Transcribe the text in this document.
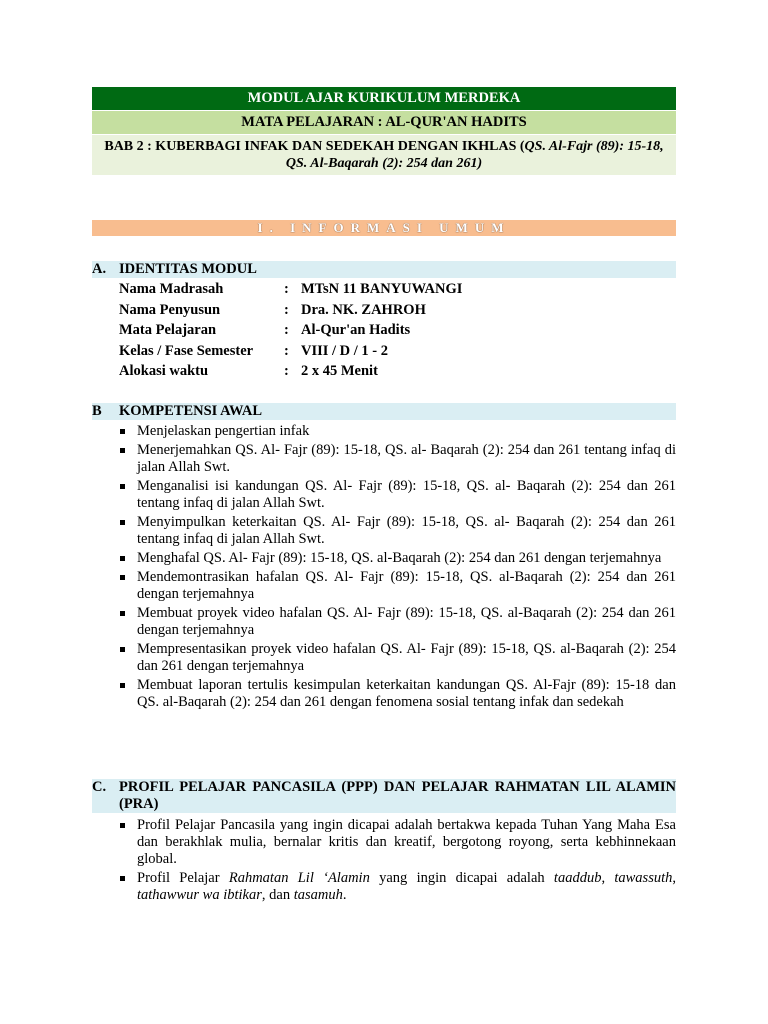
MODUL AJAR KURIKULUM MERDEKA
MATA PELAJARAN : AL-QUR'AN HADITS
BAB 2 : KUBERBAGI INFAK DAN SEDEKAH DENGAN IKHLAS (QS. Al-Fajr (89): 15-18, QS. Al-Baqarah (2): 254 dan 261)
I. INFORMASI UMUM
A. IDENTITAS MODUL
Nama Madrasah	: MTsN 11 BANYUWANGI
Nama Penyusun	: Dra. NK. ZAHROH
Mata Pelajaran	: Al-Qur'an Hadits
Kelas / Fase Semester : VIII / D / 1 - 2
Alokasi waktu	: 2 x 45 Menit
B KOMPETENSI AWAL
Menjelaskan pengertian infak
Menerjemahkan QS. Al- Fajr (89): 15-18, QS. al- Baqarah (2): 254 dan 261 tentang infaq di jalan Allah Swt.
Menganalisi isi kandungan QS. Al- Fajr (89): 15-18, QS. al- Baqarah (2): 254 dan 261 tentang infaq di jalan Allah Swt.
Menyimpulkan keterkaitan QS. Al- Fajr (89): 15-18, QS. al- Baqarah (2): 254 dan 261 tentang infaq di jalan Allah Swt.
Menghafal QS. Al- Fajr (89): 15-18, QS. al-Baqarah (2): 254 dan 261 dengan terjemahnya
Mendemontrasikan hafalan QS. Al- Fajr (89): 15-18, QS. al-Baqarah (2): 254 dan 261 dengan terjemahnya
Membuat proyek video hafalan QS. Al- Fajr (89): 15-18, QS. al-Baqarah (2): 254 dan 261 dengan terjemahnya
Mempresentasikan proyek video hafalan QS. Al- Fajr (89): 15-18, QS. al-Baqarah (2): 254 dan 261 dengan terjemahnya
Membuat laporan tertulis kesimpulan keterkaitan kandungan QS. Al-Fajr (89): 15-18 dan QS. al-Baqarah (2): 254 dan 261 dengan fenomena sosial tentang infak dan sedekah
C. PROFIL PELAJAR PANCASILA (PPP) DAN PELAJAR RAHMATAN LIL ALAMIN (PRA)
Profil Pelajar Pancasila yang ingin dicapai adalah bertakwa kepada Tuhan Yang Maha Esa dan berakhlak mulia, bernalar kritis dan kreatif, bergotong royong, serta kebhinnekaan global.
Profil Pelajar Rahmatan Lil ‘Alamin yang ingin dicapai adalah taaddub, tawassuth, tathawwur wa ibtikar, dan tasamuh.
